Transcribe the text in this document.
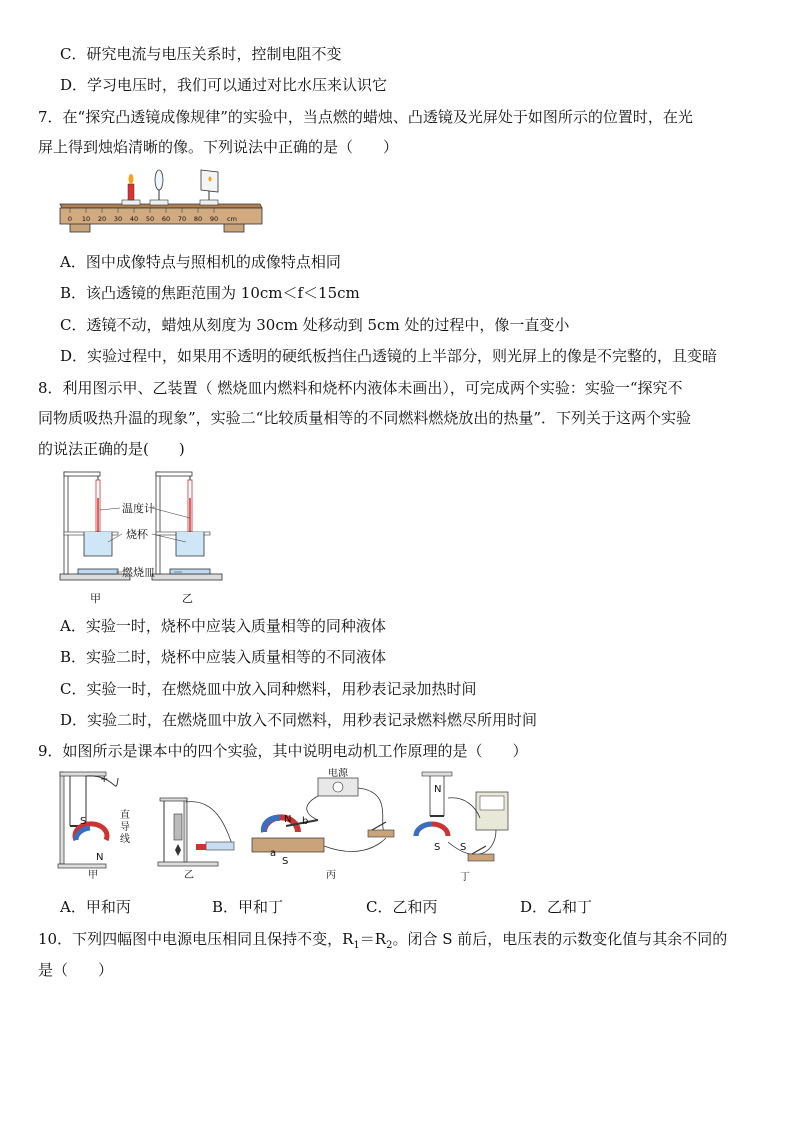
C．研究电流与电压关系时，控制电阻不变
D．学习电压时，我们可以通过对比水压来认识它
7．在“探究凸透镜成像规律”的实验中，当点燃的蜡烛、凸透镜及光屏处于如图所示的位置时，在光
屏上得到烛焰清晰的像。下列说法中正确的是（　　）
0 10 20 30 40 50 60 70 80 90 cm
A．图中成像特点与照相机的成像特点相同
B．该凸透镜的焦距范围为 10cm＜f＜15cm
C．透镜不动，蜡烛从刻度为 30cm 处移动到 5cm 处的过程中，像一直变小
D．实验过程中，如果用不透明的硬纸板挡住凸透镜的上半部分，则光屏上的像是不完整的，且变暗
8．利用图示甲、乙装置（ 燃烧皿内燃料和烧杯内液体未画出），可完成两个实验：实验一“探究不
同物质吸热升温的现象”，实验二“比较质量相等的不同燃料燃烧放出的热量”．下列关于这两个实验
的说法正确的是(　　)
温度计
烧杯
燃烧皿
甲	乙
A．实验一时，烧杯中应装入质量相等的同种液体
B．实验二时，烧杯中应装入质量相等的不同液体
C．实验一时，在燃烧皿中放入同种燃料，用秒表记录加热时间
D．实验二时，在燃烧皿中放入不同燃料，用秒表记录燃料燃尽所用时间
9．如图所示是课本中的四个实验，其中说明电动机工作原理的是（　　）
甲	乙	丙	丁
直
导
线
电源
+
S
N
N
S
a
b
N
S S
A．甲和丙	B．甲和丁	C．乙和丙	D．乙和丁
10．下列四幅图中电源电压相同且保持不变，$R_1=R_2$。闭合 S 前后，电压表的示数变化值与其余不同的
是（　　）
